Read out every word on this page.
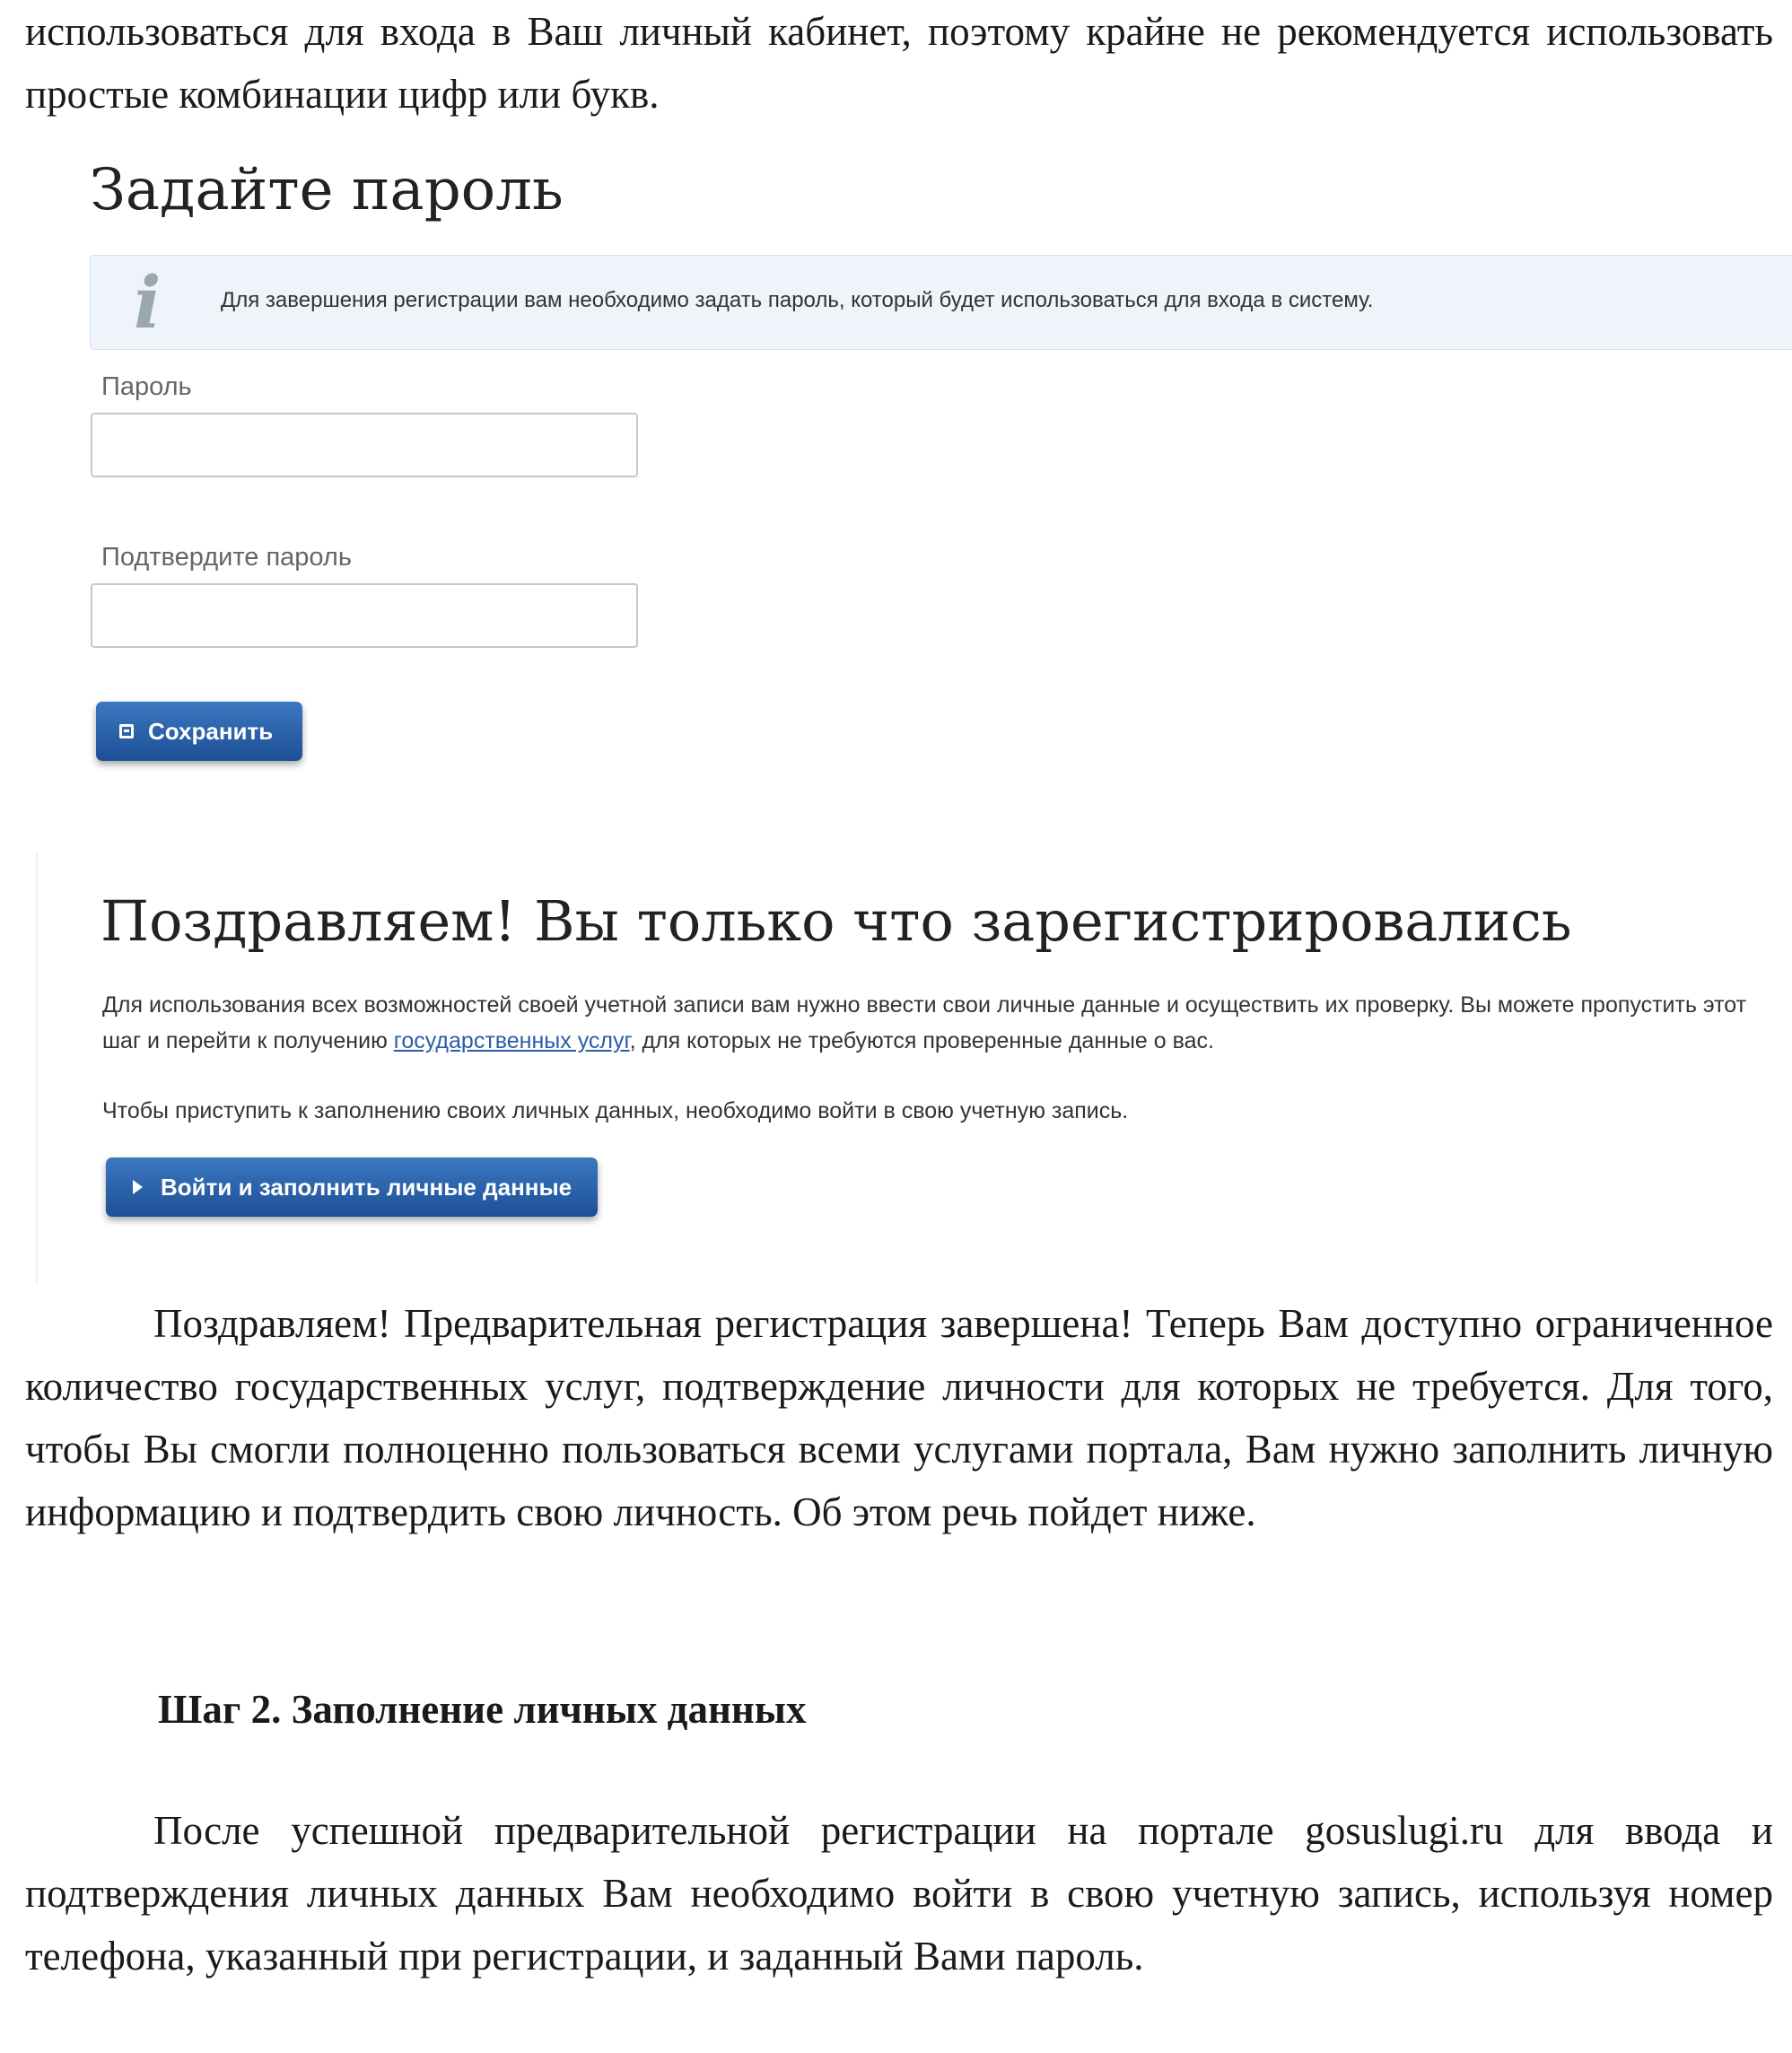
использоваться для входа в Ваш личный кабинет, поэтому крайне не рекомендуется использовать простые комбинации цифр или букв.

Задайте пароль
i	Для завершения регистрации вам необходимо задать пароль, который будет использоваться для входа в систему.
Пароль
Подтвердите пароль
Сохранить
Поздравляем! Вы только что зарегистрировались

Для использования всех возможностей своей учетной записи вам нужно ввести свои личные данные и осуществить их проверку. Вы можете пропустить этот шаг и перейти к получению государственных услуг, для которых не требуются проверенные данные о вас.

Чтобы приступить к заполнению своих личных данных, необходимо войти в свою учетную запись.

Войти и заполнить личные данные

Поздравляем! Предварительная регистрация завершена! Теперь Вам доступно ограниченное количество государственных услуг, подтверждение личности для которых не требуется. Для того, чтобы Вы смогли полноценно пользоваться всеми услугами портала, Вам нужно заполнить личную информацию и подтвердить свою личность. Об этом речь пойдет ниже.

Шаг 2. Заполнение личных данных

После успешной предварительной регистрации на портале gosuslugi.ru для ввода и подтверждения личных данных Вам необходимо войти в свою учетную запись, используя номер телефона, указанный при регистрации, и заданный Вами пароль.
